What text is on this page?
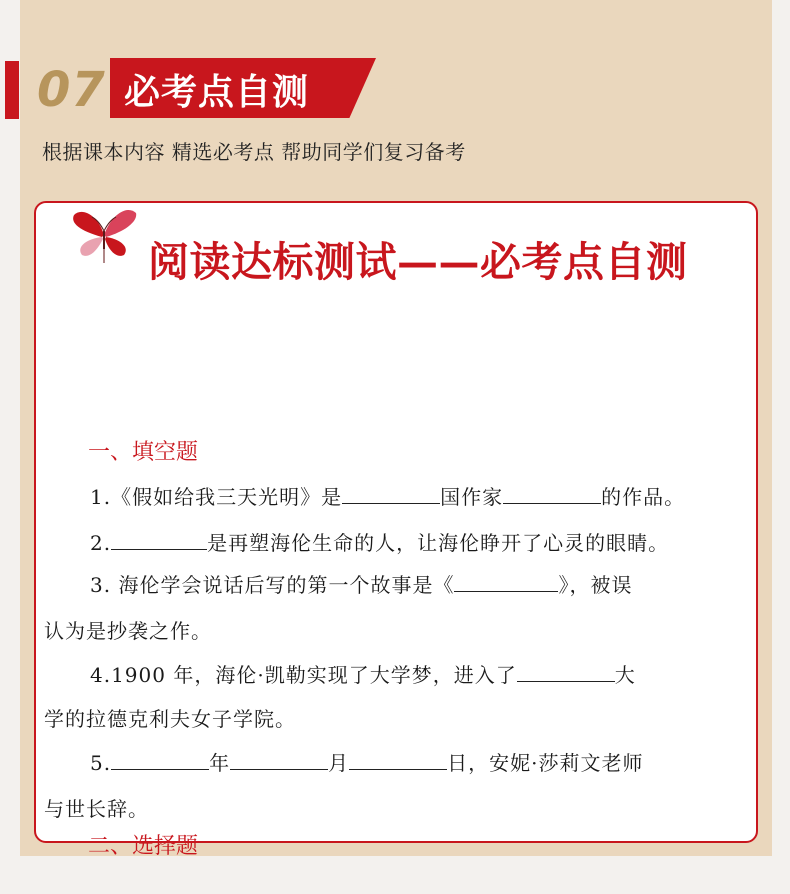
07 必考点自测
根据课本内容 精选必考点 帮助同学们复习备考
阅读达标测试——必考点自测
一、填空题
1.《假如给我三天光明》是	国作家	的作品。
2.	是再塑海伦生命的人，让海伦睁开了心灵的眼睛。
3. 海伦学会说话后写的第一个故事是《	》，被误
认为是抄袭之作。
4.1900 年，海伦·凯勒实现了大学梦，进入了	大
学的拉德克利夫女子学院。
5.	年	月	日，安妮·莎莉文老师
与世长辞。
二、选择题
